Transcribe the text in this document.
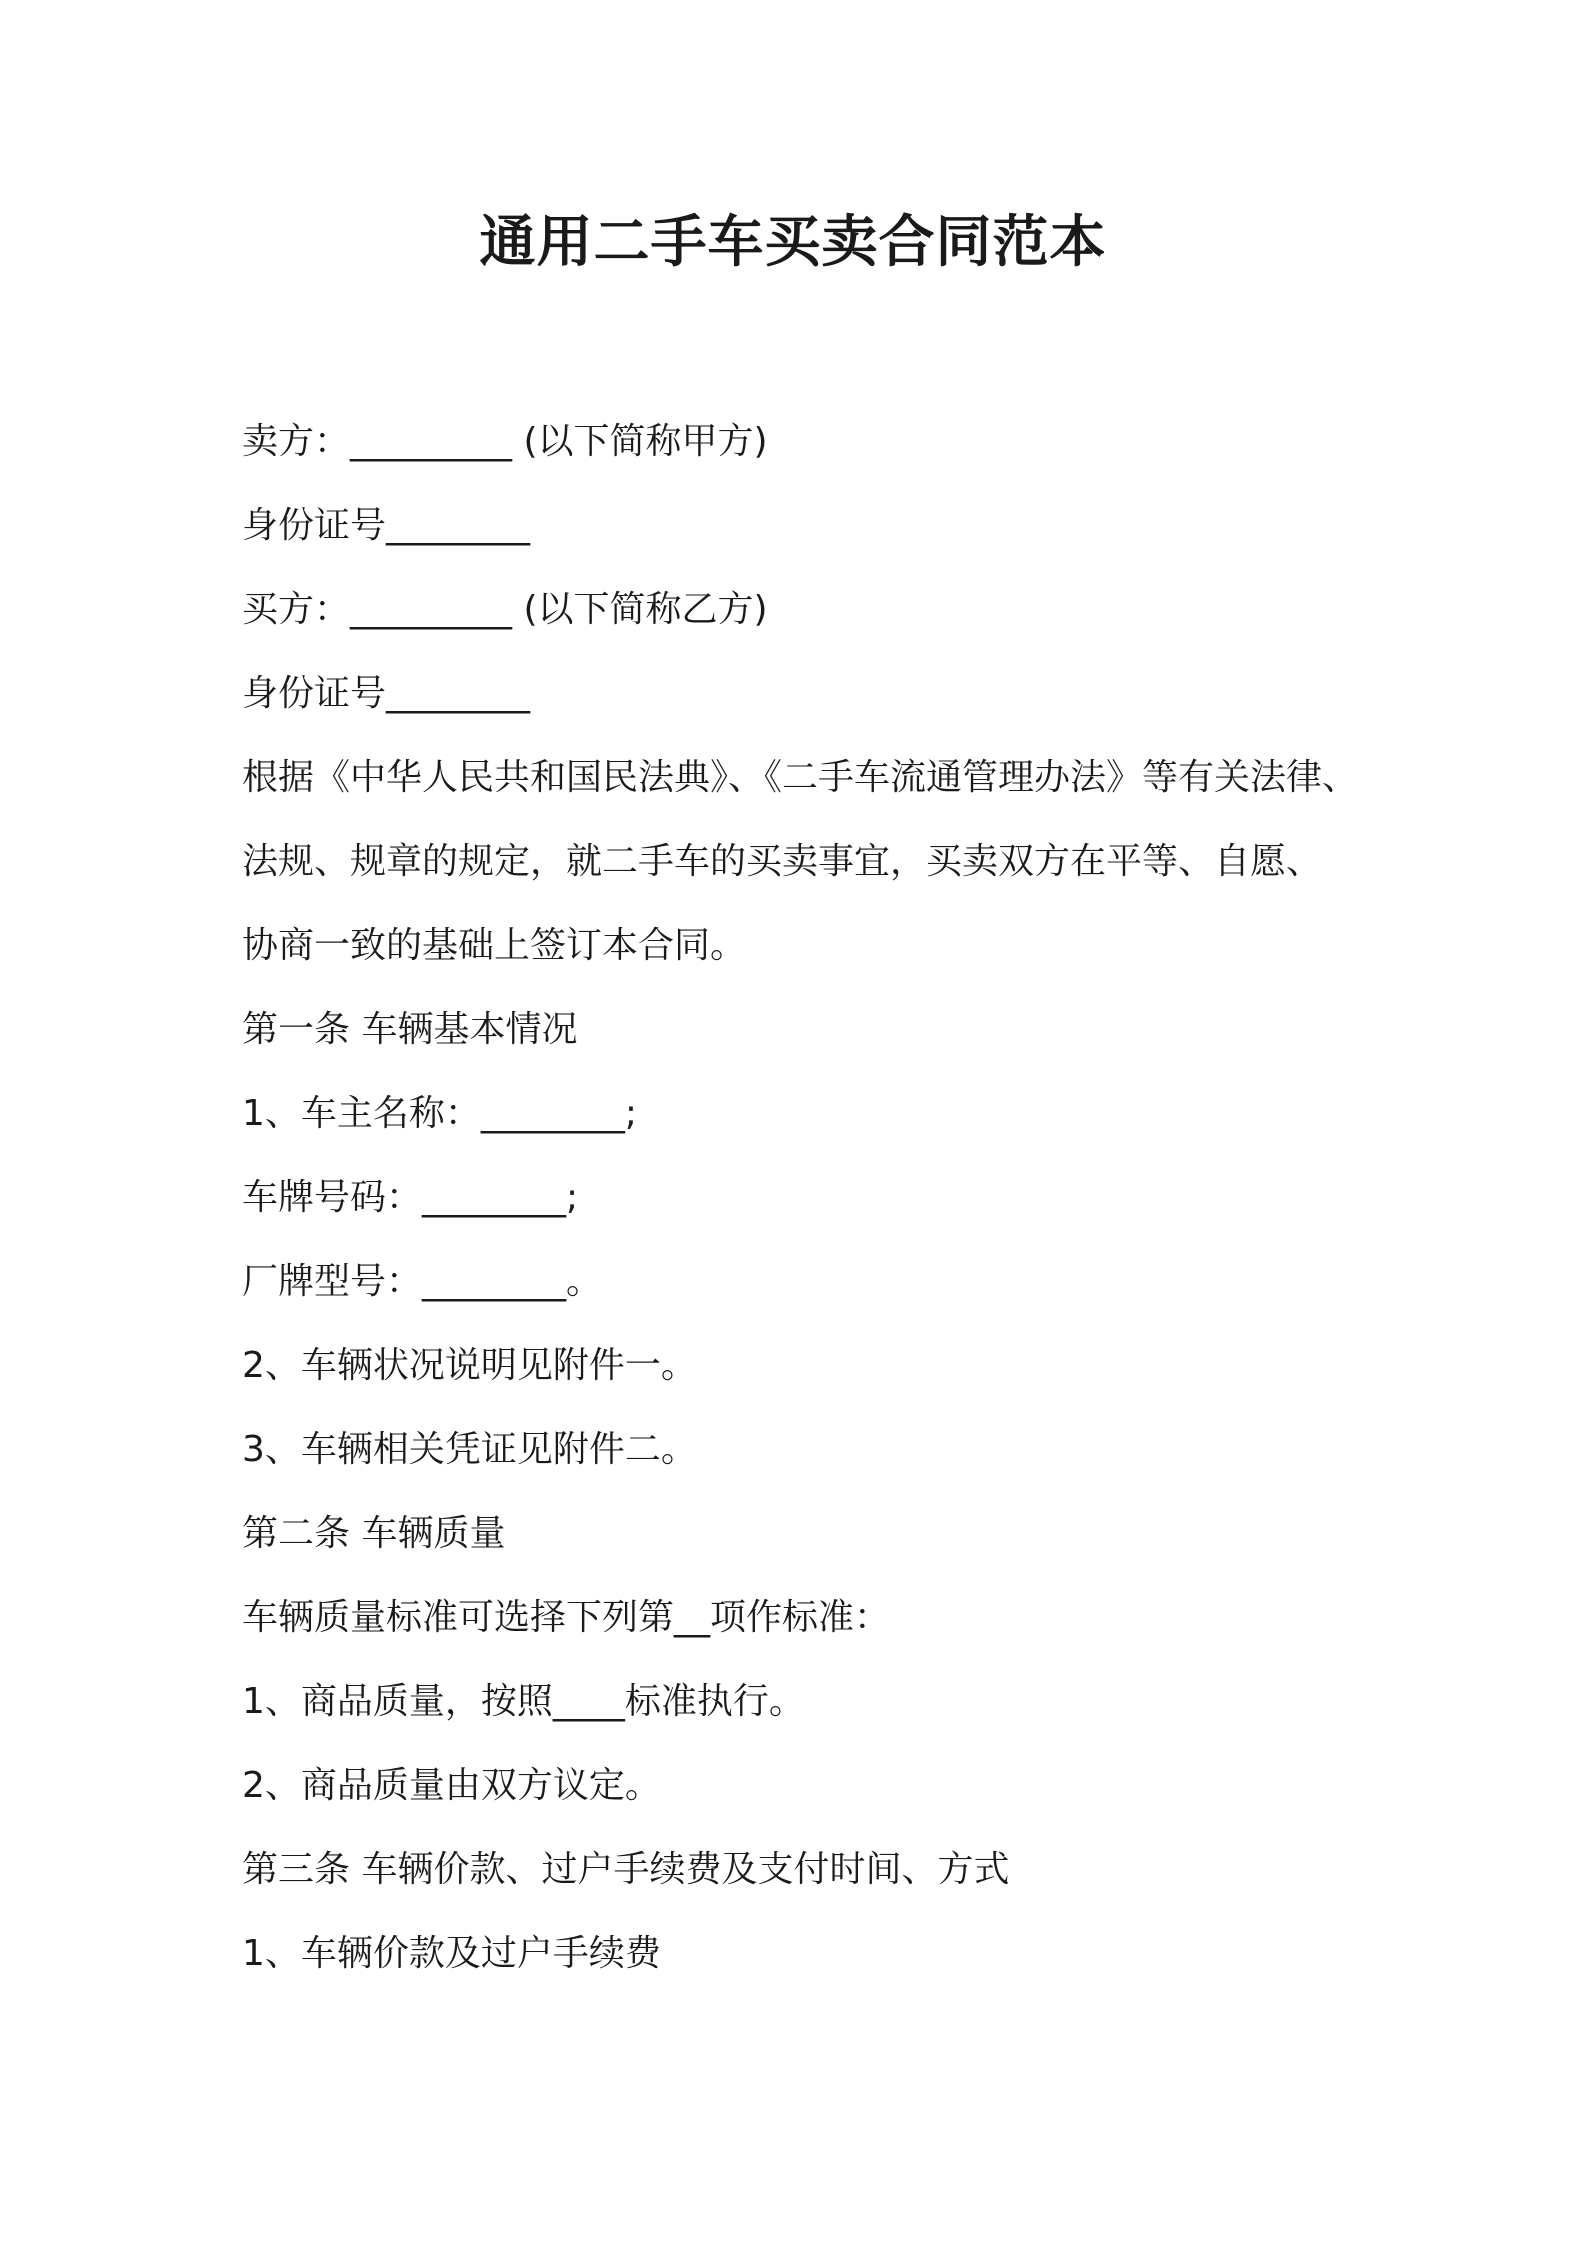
通用二手车买卖合同范本

卖方：_________ (以下简称甲方)

身份证号________

买方：_________ (以下简称乙方)

身份证号________

根据《中华人民共和国民法典》、《二手车流通管理办法》等有关法律、

法规、规章的规定，就二手车的买卖事宜，买卖双方在平等、自愿、

协商一致的基础上签订本合同。

第一条 车辆基本情况

1、车主名称：________;

车牌号码：________;

厂牌型号：________。

2、车辆状况说明见附件一。

3、车辆相关凭证见附件二。

第二条 车辆质量

车辆质量标准可选择下列第__项作标准：

1、商品质量，按照____标准执行。

2、商品质量由双方议定。

第三条 车辆价款、过户手续费及支付时间、方式

1、车辆价款及过户手续费
